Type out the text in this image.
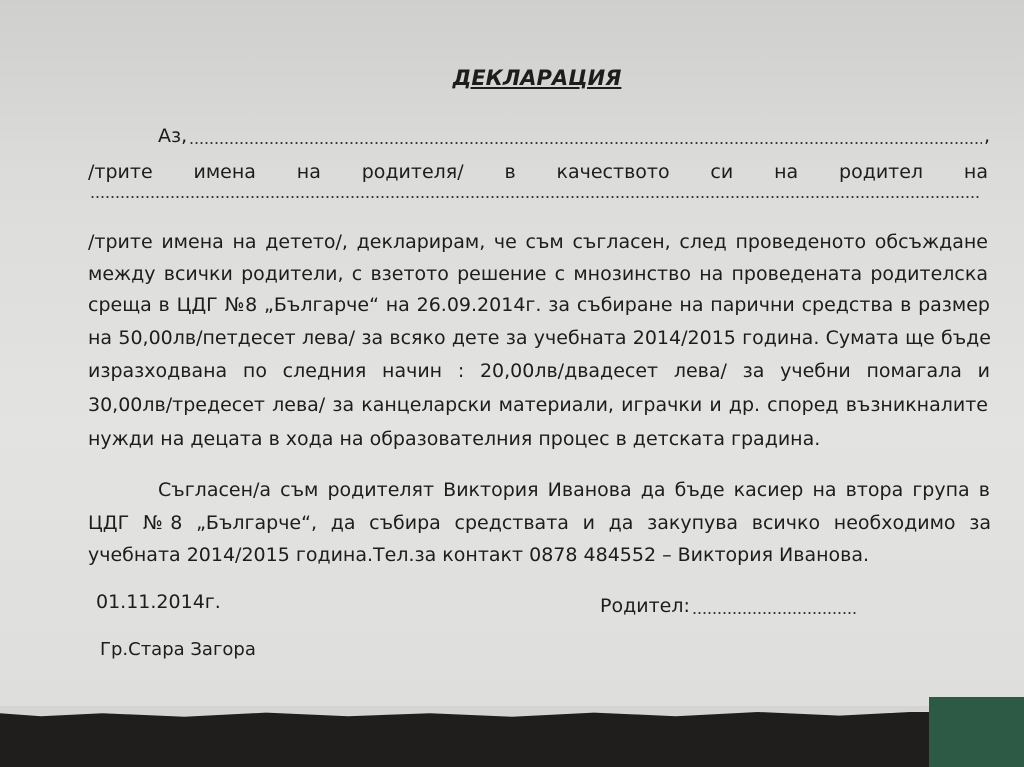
ДЕКЛАРАЦИЯ
Аз,	,
/трите имена на родителя/ в качеството си на родител на
/трите имена на детето/, декларирам, че съм съгласен, след проведеното обсъждане
между всички родители, с взетото решение с мнозинство на проведената родителска
среща в ЦДГ №8 „Българче“ на 26.09.2014г. за събиране на парични средства в размер
на 50,00лв/петдесет лева/ за всяко дете за учебната 2014/2015 година. Сумата ще бъде
изразходвана по следния начин : 20,00лв/двадесет лева/ за учебни помагала и
30,00лв/тредесет лева/ за канцеларски материали, играчки и др. според възникналите
нужди на децата в хода на образователния процес в детската градина.
Съгласен/а съм родителят Виктория Иванова да бъде касиер на втора група в
ЦДГ №8 „Българче“, да събира средствата и да закупува всичко необходимо за
учебната 2014/2015 година.Тел.за контакт 0878 484552 – Виктория Иванова.
01.11.2014г.	Родител:
Гр.Стара Загора
